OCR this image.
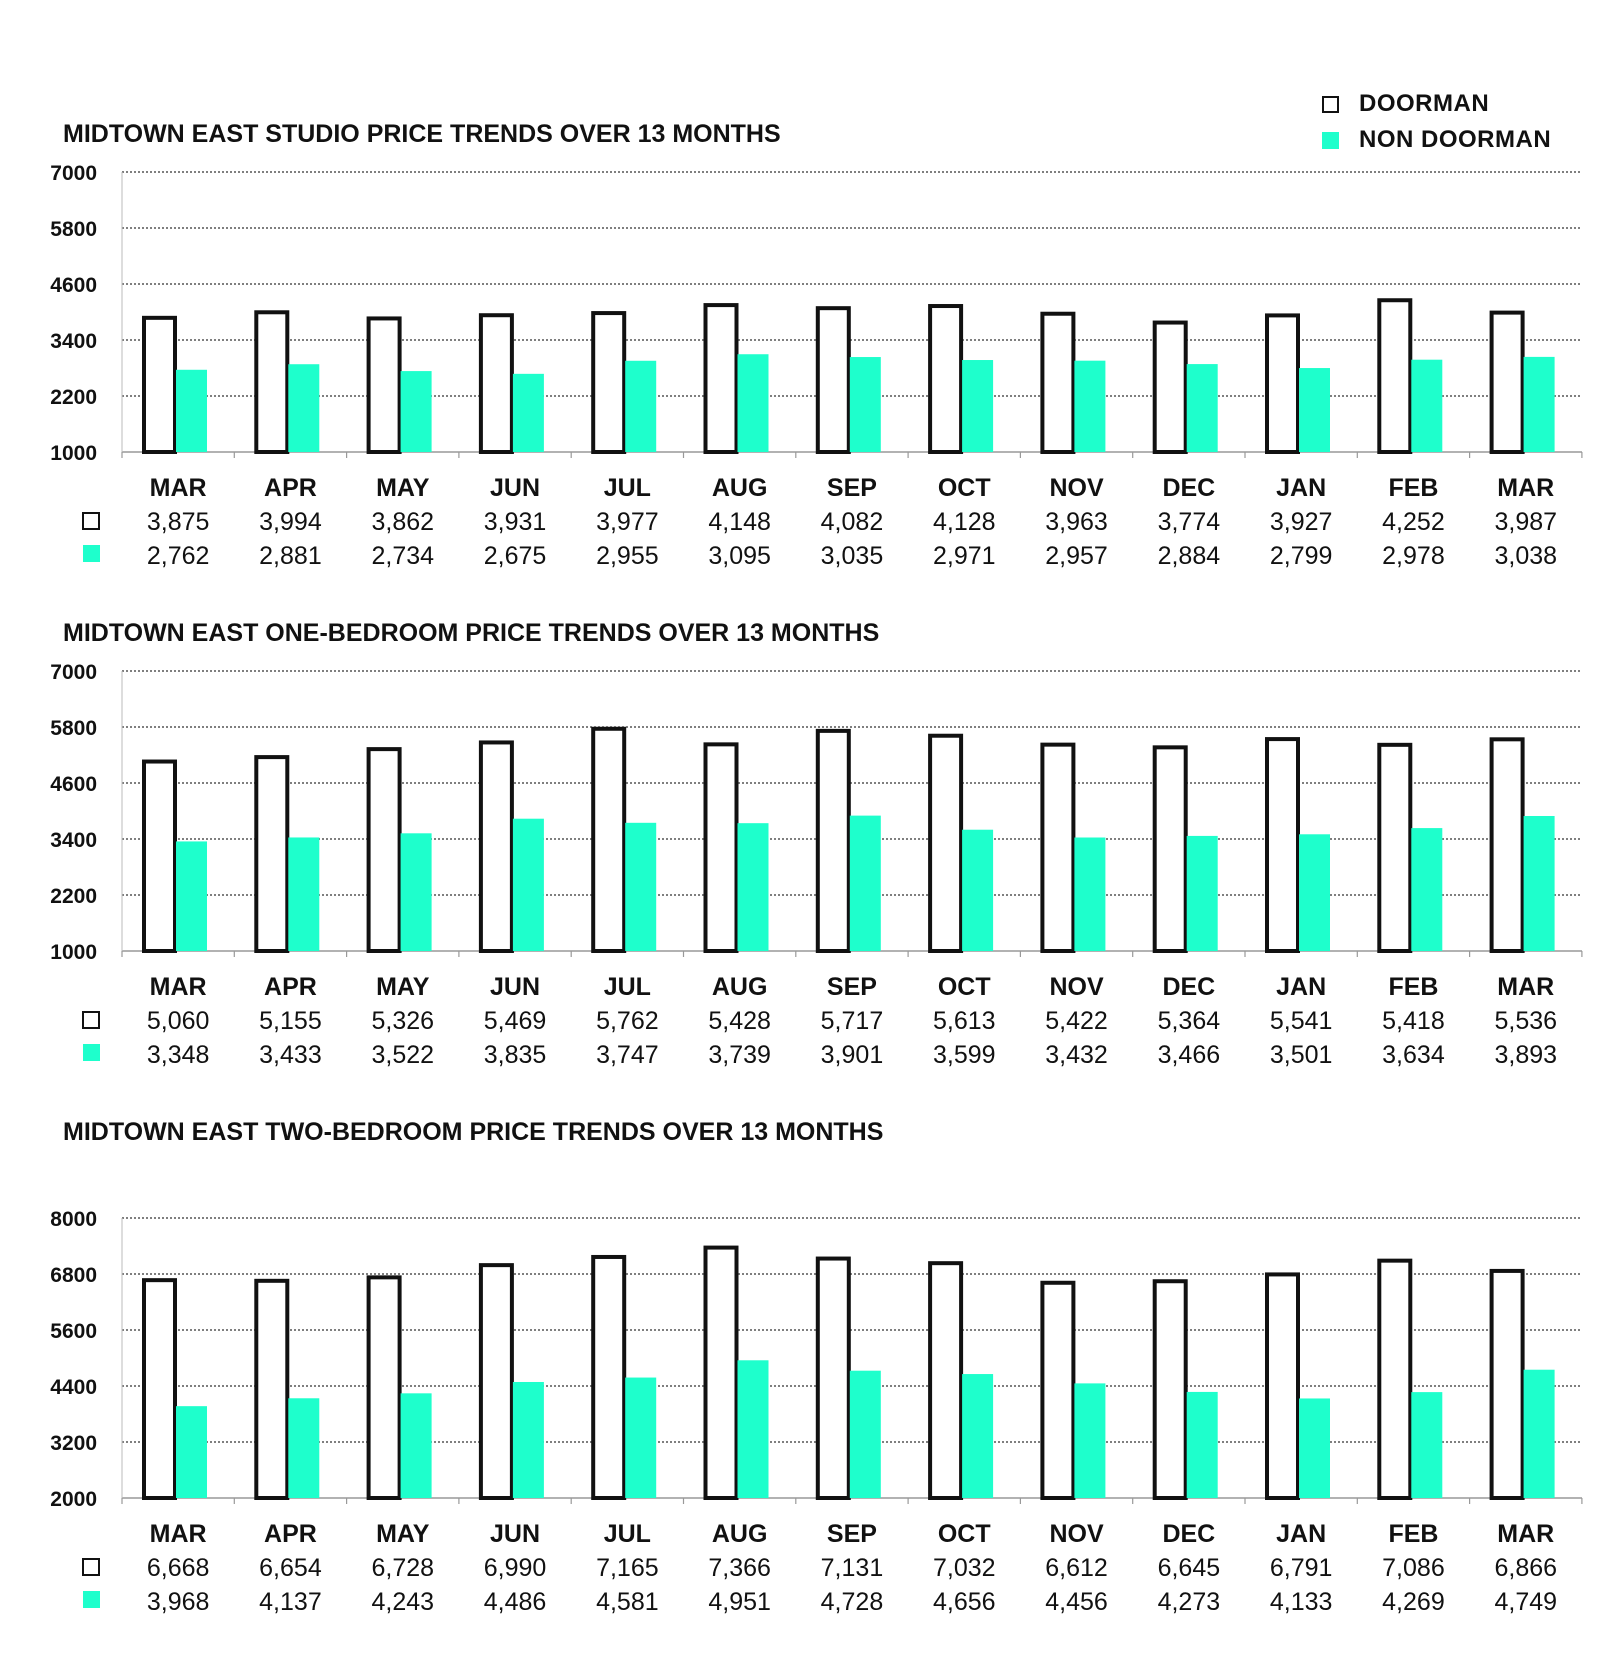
DOORMAN
NON DOORMAN
MIDTOWN EAST STUDIO PRICE TRENDS OVER 13 MONTHS
1000
2200
3400
4600
5800
7000
MAR
3,875
2,762
APR
3,994
2,881
MAY
3,862
2,734
JUN
3,931
2,675
JUL
3,977
2,955
AUG
4,148
3,095
SEP
4,082
3,035
OCT
4,128
2,971
NOV
3,963
2,957
DEC
3,774
2,884
JAN
3,927
2,799
FEB
4,252
2,978
MAR
3,987
3,038
MIDTOWN EAST ONE-BEDROOM PRICE TRENDS OVER 13 MONTHS
1000
2200
3400
4600
5800
7000
MAR
5,060
3,348
APR
5,155
3,433
MAY
5,326
3,522
JUN
5,469
3,835
JUL
5,762
3,747
AUG
5,428
3,739
SEP
5,717
3,901
OCT
5,613
3,599
NOV
5,422
3,432
DEC
5,364
3,466
JAN
5,541
3,501
FEB
5,418
3,634
MAR
5,536
3,893
MIDTOWN EAST TWO-BEDROOM PRICE TRENDS OVER 13 MONTHS
2000
3200
4400
5600
6800
8000
MAR
6,668
3,968
APR
6,654
4,137
MAY
6,728
4,243
JUN
6,990
4,486
JUL
7,165
4,581
AUG
7,366
4,951
SEP
7,131
4,728
OCT
7,032
4,656
NOV
6,612
4,456
DEC
6,645
4,273
JAN
6,791
4,133
FEB
7,086
4,269
MAR
6,866
4,749
